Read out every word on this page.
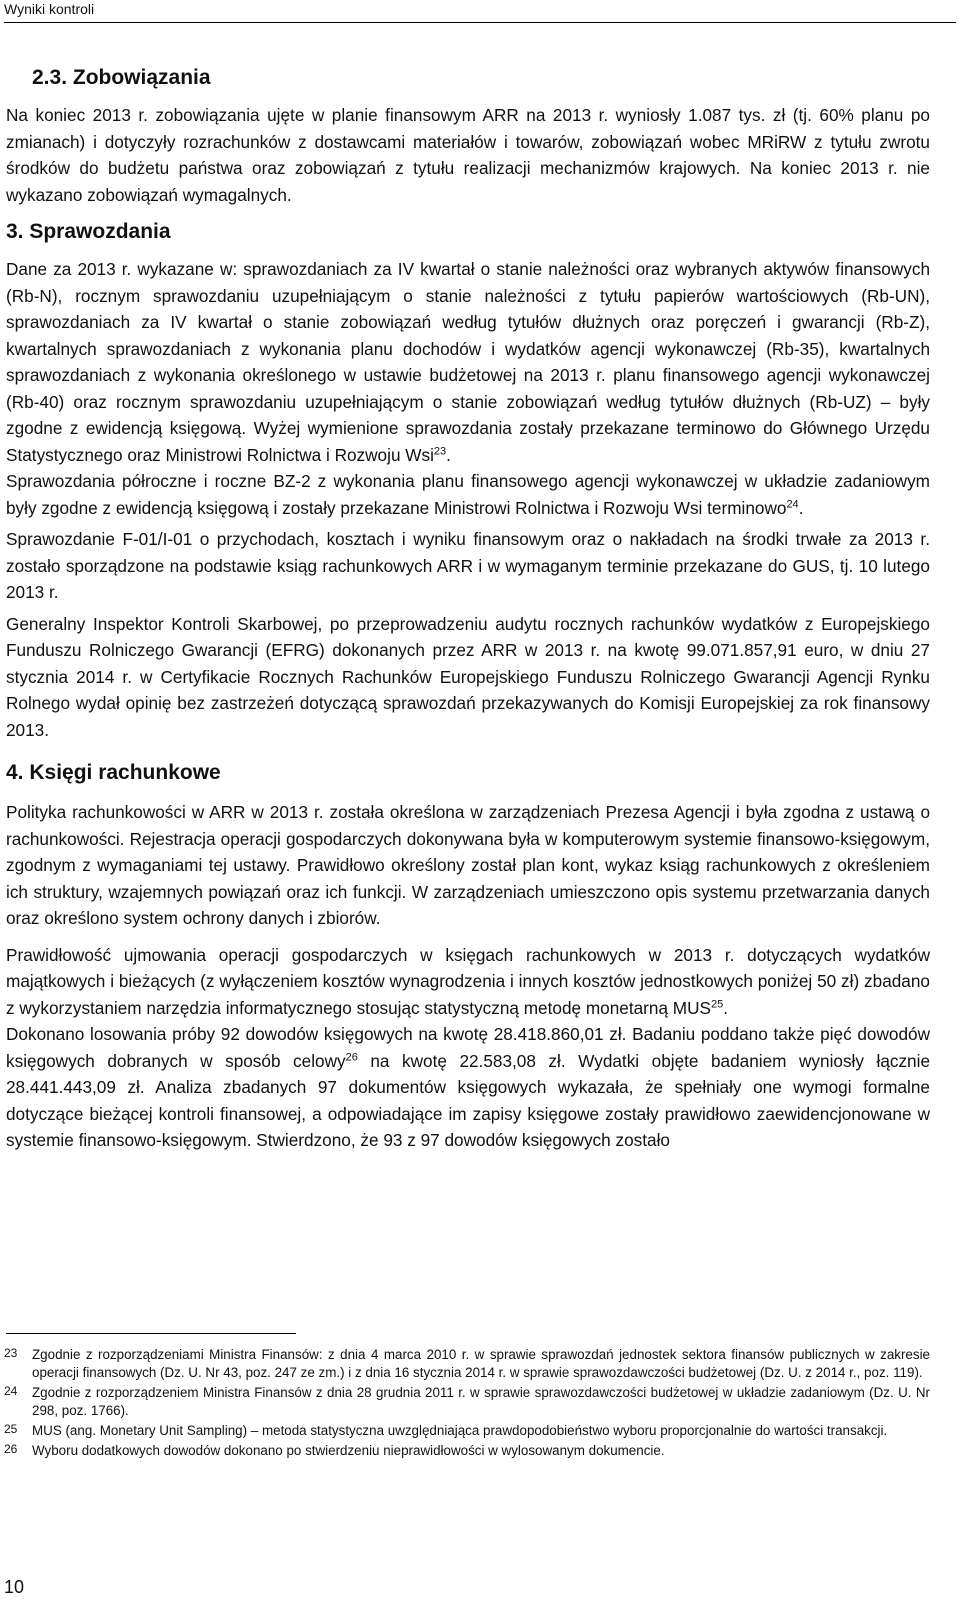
Wyniki kontroli
2.3. Zobowiązania

Na koniec 2013 r. zobowiązania ujęte w planie finansowym ARR na 2013 r. wyniosły 1.087 tys. zł (tj. 60% planu po zmianach) i dotyczyły rozrachunków z dostawcami materiałów i towarów, zobowiązań wobec MRiRW z tytułu zwrotu środków do budżetu państwa oraz zobowiązań z tytułu realizacji mechanizmów krajowych. Na koniec 2013 r. nie wykazano zobowiązań wymagalnych.

3. Sprawozdania

Dane za 2013 r. wykazane w: sprawozdaniach za IV kwartał o stanie należności oraz wybranych aktywów finansowych (Rb-N), rocznym sprawozdaniu uzupełniającym o stanie należności z tytułu papierów wartościowych (Rb-UN), sprawozdaniach za IV kwartał o stanie zobowiązań według tytułów dłużnych oraz poręczeń i gwarancji (Rb-Z), kwartalnych sprawozdaniach z wykonania planu dochodów i wydatków agencji wykonawczej (Rb-35), kwartalnych sprawozdaniach z wykonania określonego w ustawie budżetowej na 2013 r. planu finansowego agencji wykonawczej (Rb-40) oraz rocznym sprawozdaniu uzupełniającym o stanie zobowiązań według tytułów dłużnych (Rb-UZ) – były zgodne z ewidencją księgową. Wyżej wymienione sprawozdania zostały przekazane terminowo do Głównego Urzędu Statystycznego oraz Ministrowi Rolnictwa i Rozwoju Wsi$^{23}$.

Sprawozdania półroczne i roczne BZ-2 z wykonania planu finansowego agencji wykonawczej w układzie zadaniowym były zgodne z ewidencją księgową i zostały przekazane Ministrowi Rolnictwa i Rozwoju Wsi terminowo$^{24}$.

Sprawozdanie F-01/I-01 o przychodach, kosztach i wyniku finansowym oraz o nakładach na środki trwałe za 2013 r. zostało sporządzone na podstawie ksiąg rachunkowych ARR i w wymaganym terminie przekazane do GUS, tj. 10 lutego 2013 r.

Generalny Inspektor Kontroli Skarbowej, po przeprowadzeniu audytu rocznych rachunków wydatków z Europejskiego Funduszu Rolniczego Gwarancji (EFRG) dokonanych przez ARR w 2013 r. na kwotę 99.071.857,91 euro, w dniu 27 stycznia 2014 r. w Certyfikacie Rocznych Rachunków Europejskiego Funduszu Rolniczego Gwarancji Agencji Rynku Rolnego wydał opinię bez zastrzeżeń dotyczącą sprawozdań przekazywanych do Komisji Europejskiej za rok finansowy 2013.

4. Księgi rachunkowe

Polityka rachunkowości w ARR w 2013 r. została określona w zarządzeniach Prezesa Agencji i była zgodna z ustawą o rachunkowości. Rejestracja operacji gospodarczych dokonywana była w komputerowym systemie finansowo-księgowym, zgodnym z wymaganiami tej ustawy. Prawidłowo określony został plan kont, wykaz ksiąg rachunkowych z określeniem ich struktury, wzajemnych powiązań oraz ich funkcji. W zarządzeniach umieszczono opis systemu przetwarzania danych oraz określono system ochrony danych i zbiorów.

Prawidłowość ujmowania operacji gospodarczych w księgach rachunkowych w 2013 r. dotyczących wydatków majątkowych i bieżących (z wyłączeniem kosztów wynagrodzenia i innych kosztów jednostkowych poniżej 50 zł) zbadano z wykorzystaniem narzędzia informatycznego stosując statystyczną metodę monetarną MUS$^{25}$.

Dokonano losowania próby 92 dowodów księgowych na kwotę 28.418.860,01 zł. Badaniu poddano także pięć dowodów księgowych dobranych w sposób celowy$^{26}$ na kwotę 22.583,08 zł. Wydatki objęte badaniem wyniosły łącznie 28.441.443,09 zł. Analiza zbadanych 97 dokumentów księgowych wykazała, że spełniały one wymogi formalne dotyczące bieżącej kontroli finansowej, a odpowiadające im zapisy księgowe zostały prawidłowo zaewidencjonowane w systemie finansowo-księgowym. Stwierdzono, że 93 z 97 dowodów księgowych zostało

23	Zgodnie z rozporządzeniami Ministra Finansów: z dnia 4 marca 2010 r. w sprawie sprawozdań jednostek sektora finansów publicznych w zakresie operacji finansowych (Dz. U. Nr 43, poz. 247 ze zm.) i z dnia 16 stycznia 2014 r. w sprawie sprawozdawczości budżetowej (Dz. U. z 2014 r., poz. 119).
24	Zgodnie z rozporządzeniem Ministra Finansów z dnia 28 grudnia 2011 r. w sprawie sprawozdawczości budżetowej w układzie zadaniowym (Dz. U. Nr 298, poz. 1766).
25	MUS (ang. Monetary Unit Sampling) – metoda statystyczna uwzględniająca prawdopodobieństwo wyboru proporcjonalnie do wartości transakcji.
26	Wyboru dodatkowych dowodów dokonano po stwierdzeniu nieprawidłowości w wylosowanym dokumencie.
10
